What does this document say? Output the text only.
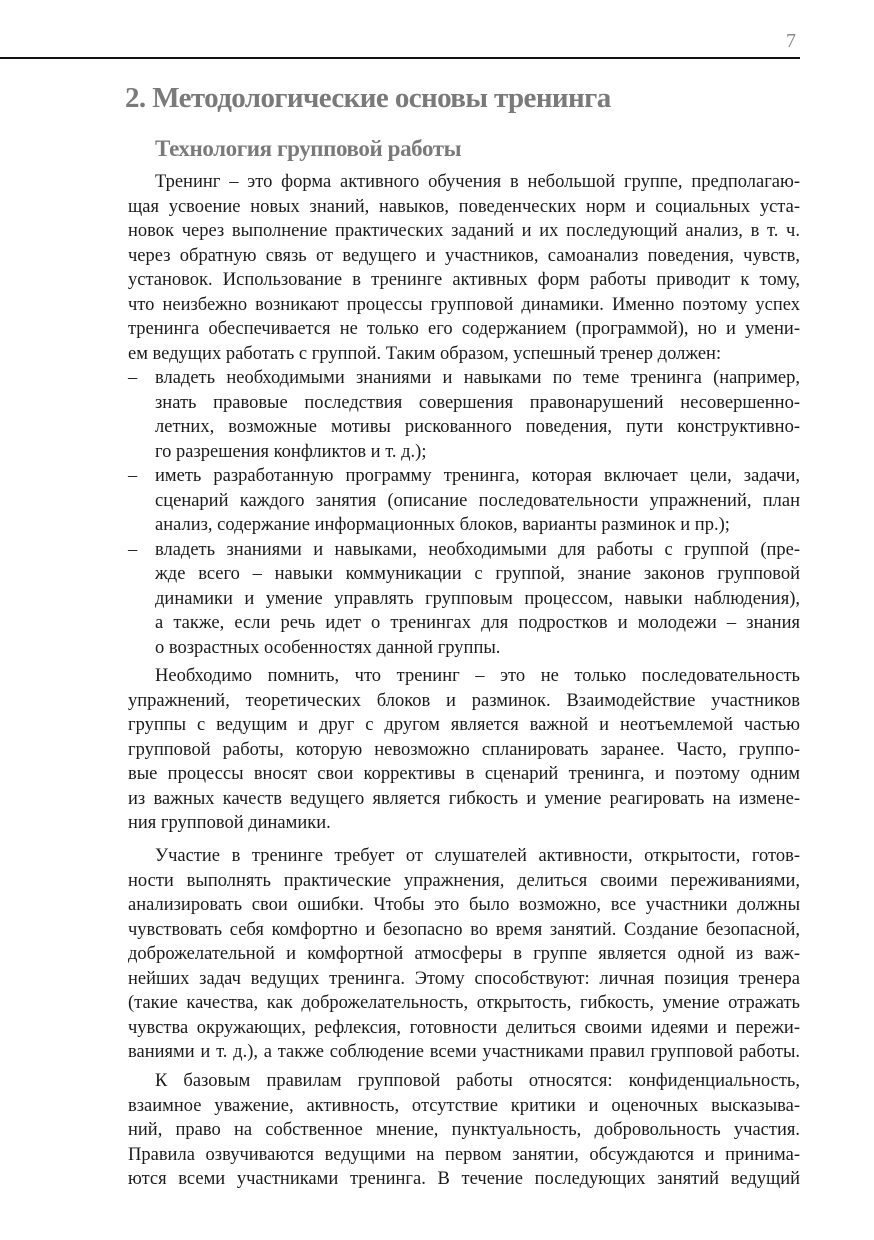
7
2. Методологические основы тренинга
Технология групповой работы
Тренинг – это форма активного обучения в небольшой группе, предполагаю-
щая усвоение новых знаний, навыков, поведенческих норм и социальных уста-
новок через выполнение практических заданий и их последующий анализ, в т. ч.
через обратную связь от ведущего и участников, самоанализ поведения, чувств,
установок. Использование в тренинге активных форм работы приводит к тому,
что неизбежно возникают процессы групповой динамики. Именно поэтому успех
тренинга обеспечивается не только его содержанием (программой), но и умени-
ем ведущих работать с группой. Таким образом, успешный тренер должен:
– владеть необходимыми знаниями и навыками по теме тренинга (например,
знать правовые последствия совершения правонарушений несовершенно-
летних, возможные мотивы рискованного поведения, пути конструктивно-
го разрешения конфликтов и т. д.);
– иметь разработанную программу тренинга, которая включает цели, задачи,
сценарий каждого занятия (описание последовательности упражнений, план
анализ, содержание информационных блоков, варианты разминок и пр.);
– владеть знаниями и навыками, необходимыми для работы с группой (пре-
жде всего – навыки коммуникации с группой, знание законов групповой
динамики и умение управлять групповым процессом, навыки наблюдения),
а также, если речь идет о тренингах для подростков и молодежи – знания
о возрастных особенностях данной группы.
Необходимо помнить, что тренинг – это не только последовательность
упражнений, теоретических блоков и разминок. Взаимодействие участников
группы с ведущим и друг с другом является важной и неотъемлемой частью
групповой работы, которую невозможно спланировать заранее. Часто, группо-
вые процессы вносят свои коррективы в сценарий тренинга, и поэтому одним
из важных качеств ведущего является гибкость и умение реагировать на измене-
ния групповой динамики.
Участие в тренинге требует от слушателей активности, открытости, готов-
ности выполнять практические упражнения, делиться своими переживаниями,
анализировать свои ошибки. Чтобы это было возможно, все участники должны
чувствовать себя комфортно и безопасно во время занятий. Создание безопасной,
доброжелательной и комфортной атмосферы в группе является одной из важ-
нейших задач ведущих тренинга. Этому способствуют: личная позиция тренера
(такие качества, как доброжелательность, открытость, гибкость, умение отражать
чувства окружающих, рефлексия, готовности делиться своими идеями и пережи-
ваниями и т. д.), а также соблюдение всеми участниками правил групповой работы.
К базовым правилам групповой работы относятся: конфиденциальность,
взаимное уважение, активность, отсутствие критики и оценочных высказыва-
ний, право на собственное мнение, пунктуальность, добровольность участия.
Правила озвучиваются ведущими на первом занятии, обсуждаются и принима-
ются всеми участниками тренинга. В течение последующих занятий ведущий
